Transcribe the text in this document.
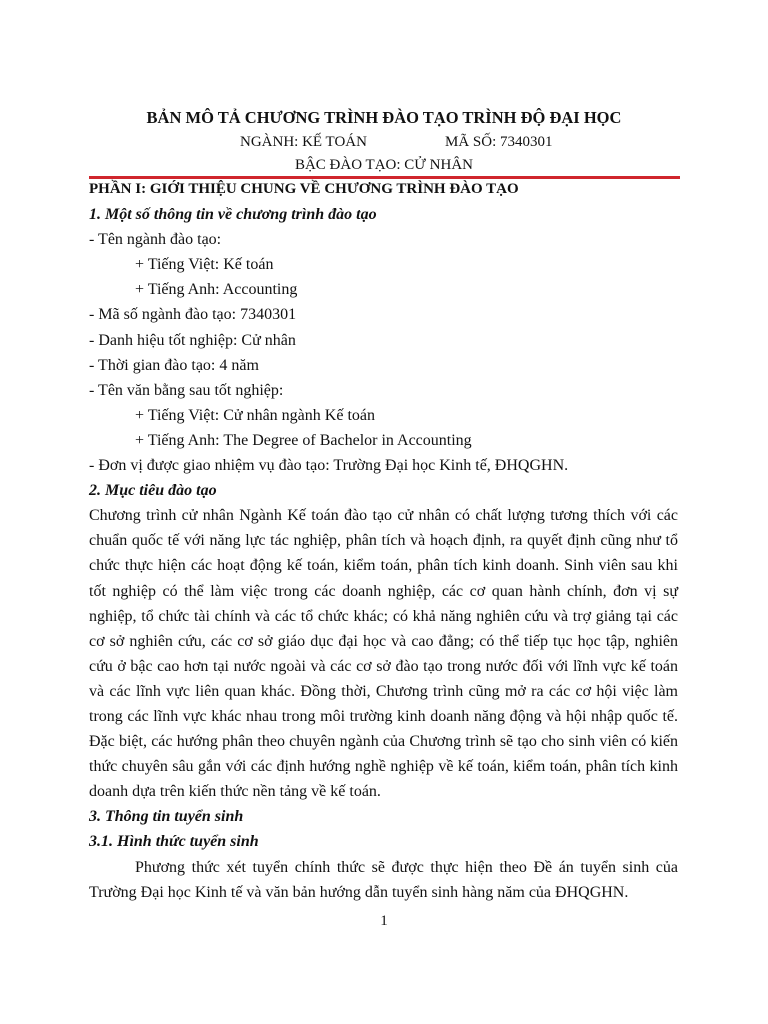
BẢN MÔ TẢ CHƯƠNG TRÌNH ĐÀO TẠO TRÌNH ĐỘ ĐẠI HỌC
NGÀNH: KẾ TOÁN	MÃ SỐ: 7340301
BẬC ĐÀO TẠO: CỬ NHÂN
PHẦN I: GIỚI THIỆU CHUNG VỀ CHƯƠNG TRÌNH ĐÀO TẠO
1. Một số thông tin về chương trình đào tạo
- Tên ngành đào tạo:
+ Tiếng Việt: Kế toán
+ Tiếng Anh: Accounting
- Mã số ngành đào tạo: 7340301
- Danh hiệu tốt nghiệp: Cử nhân
- Thời gian đào tạo: 4 năm
- Tên văn bằng sau tốt nghiệp:
+ Tiếng Việt: Cử nhân ngành Kế toán
+ Tiếng Anh: The Degree of Bachelor in Accounting
- Đơn vị được giao nhiệm vụ đào tạo: Trường Đại học Kinh tế, ĐHQGHN.
2. Mục tiêu đào tạo

Chương trình cử nhân Ngành Kế toán đào tạo cử nhân có chất lượng tương thích với các chuẩn quốc tế với năng lực tác nghiệp, phân tích và hoạch định, ra quyết định cũng như tổ chức thực hiện các hoạt động kế toán, kiểm toán, phân tích kinh doanh. Sinh viên sau khi tốt nghiệp có thể làm việc trong các doanh nghiệp, các cơ quan hành chính, đơn vị sự nghiệp, tổ chức tài chính và các tổ chức khác; có khả năng nghiên cứu và trợ giảng tại các cơ sở nghiên cứu, các cơ sở giáo dục đại học và cao đẳng; có thể tiếp tục học tập, nghiên cứu ở bậc cao hơn tại nước ngoài và các cơ sở đào tạo trong nước đối với lĩnh vực kế toán và các lĩnh vực liên quan khác. Đồng thời, Chương trình cũng mở ra các cơ hội việc làm trong các lĩnh vực khác nhau trong môi trường kinh doanh năng động và hội nhập quốc tế. Đặc biệt, các hướng phân theo chuyên ngành của Chương trình sẽ tạo cho sinh viên có kiến thức chuyên sâu gắn với các định hướng nghề nghiệp về kế toán, kiểm toán, phân tích kinh doanh dựa trên kiến thức nền tảng về kế toán.

3. Thông tin tuyển sinh
3.1. Hình thức tuyển sinh

Phương thức xét tuyển chính thức sẽ được thực hiện theo Đề án tuyển sinh của Trường Đại học Kinh tế và văn bản hướng dẫn tuyển sinh hàng năm của ĐHQGHN.

1
